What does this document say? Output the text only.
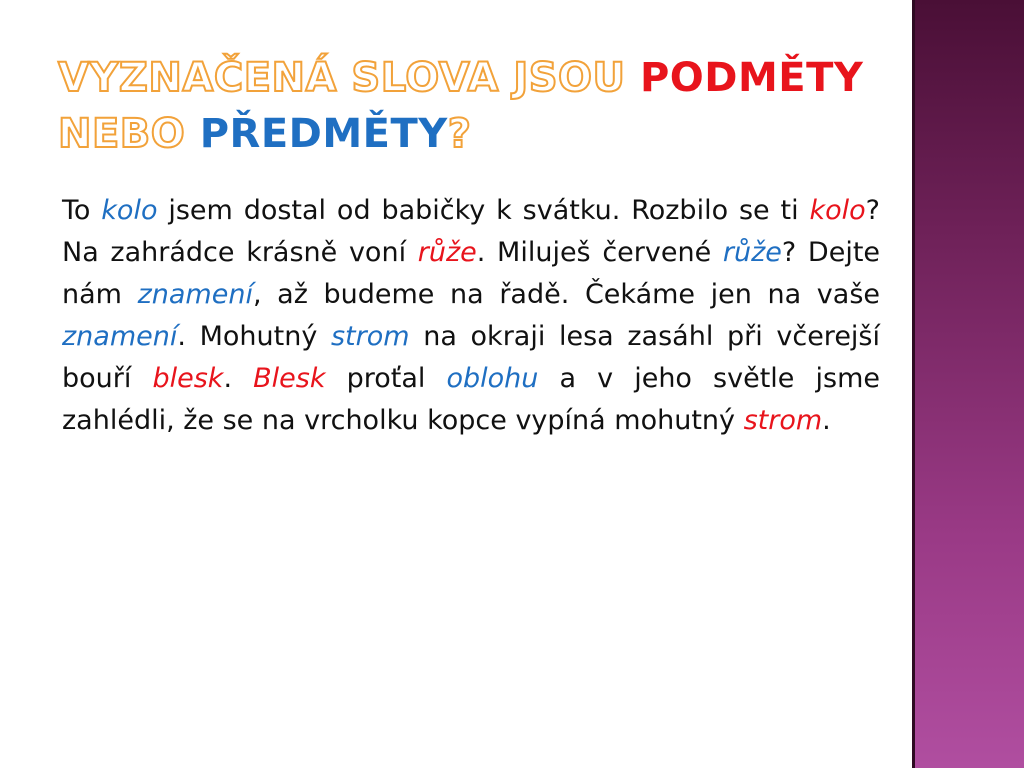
VYZNAČENÁ SLOVA JSOU PODMĚTY
NEBO PŘEDMĚTY?
To kolo jsem dostal od babičky k svátku. Rozbilo se ti kolo? Na zahrádce krásně voní růže. Miluješ červené růže? Dejte nám znamení, až budeme na řadě. Čekáme jen na vaše znamení. Mohutný strom na okraji lesa zasáhl při včerejší bouří blesk. Blesk proťal oblohu a v jeho světle jsme zahlédli, že se na vrcholku kopce vypíná mohutný strom.
